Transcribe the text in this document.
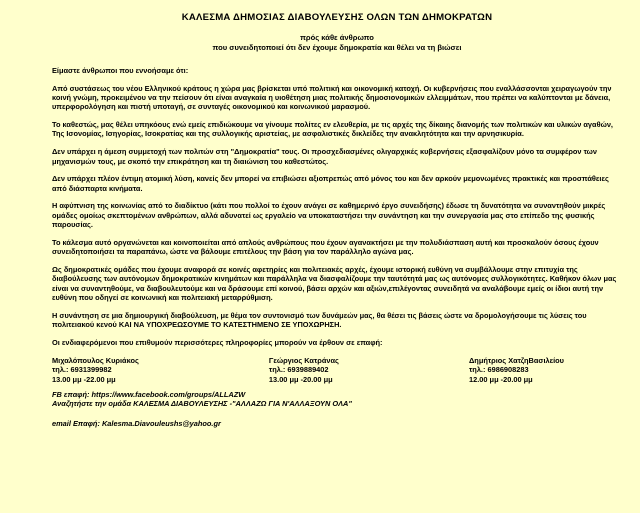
ΚΑΛΕΣΜΑ ΔΗΜΟΣΙΑΣ ΔΙΑΒΟΥΛΕΥΣΗΣ ΟΛΩΝ ΤΩΝ ΔΗΜΟΚΡΑΤΩΝ
πρός κάθε άνθρωπο
που συνειδητοποιεί ότι δεν έχουμε δημοκρατία και θέλει να τη βιώσει
Είμαστε άνθρωποι που εννοήσαμε ότι:
Από συστάσεως του νέου Ελληνικού κράτους η χώρα μας βρίσκεται υπό πολιτική και οικονομική κατοχή. Οι κυβερνήσεις που εναλλάσσονται χειραγωγούν την κοινή γνώμη, προκειμένου να την πείσουν ότι είναι αναγκαία η υιοθέτηση μιας πολιτικής δημοσιονομικών ελλειμμάτων, που πρέπει να καλύπτονται με δάνεια, υπερφορολόγηση και πιστή υποταγή, σε συνταγές οικονομικού και κοινωνικού μαρασμού.
Το καθεστώς, μας θέλει υπηκόους ενώ εμείς επιδιώκουμε να γίνουμε πολίτες εν ελευθερία, με τις αρχές της δίκαιης διανομής των πολιτικών και υλικών αγαθών, Της Ισονομίας, Ισηγορίας, Ισοκρατίας και της συλλογικής αριστείας, με ασφαλιστικές δικλείδες την ανακλητότητα και την αρνησικυρία.
Δεν υπάρχει η άμεση συμμετοχή των πολιτών στη "Δημοκρατία" τους. Οι προσχεδιασμένες ολιγαρχικές κυβερνήσεις εξασφαλίζουν μόνο τα συμφέρον των μηχανισμών τους, με σκοπό την επικράτηση και τη διαιώνιση του καθεστώτος.
Δεν υπάρχει πλέον έντιμη ατομική λύση, κανείς δεν μπορεί να επιβιώσει αξιοπρεπώς από μόνος του και δεν αρκούν μεμονωμένες πρακτικές και προσπάθειες από διάσπαρτα κινήματα.
Η αφύπνιση της κοινωνίας από το διαδίκτυο (κάτι που πολλοί το έχουν ανάγει σε καθημερινό έργο συνειδήσης) έδωσε τη δυνατότητα να συναντηθούν μικρές ομάδες ομοίως σκεπτομένων ανθρώπων, αλλά αδυνατεί ως εργαλείο να υποκαταστήσει την συνάντηση και την συνεργασία μας στο επίπεδο της φυσικής παρουσίας.
Το κάλεσμα αυτό οργανώνεται και κοινοποιείται από απλούς ανθρώπους που έχουν αγανακτήσει με την πολυδιάσπαση αυτή και προσκαλούν όσους έχουν συνειδητοποιήσει τα παραπάνω, ώστε να βάλουμε επιτέλους την βάση για τον παράλληλο αγώνα μας.
Ως δημοκρατικές ομάδες που έχουμε αναφορά σε κοινές αφετηρίες και πολιτειακές αρχές, έχουμε ιστορική ευθύνη να συμβάλλουμε στην επιτυχία της διαβούλευσης των αυτόνομων δημοκρατικών κινημάτων και παράλληλα να διασφαλίζουμε την ταυτότητά μας ως αυτόνομες συλλογικότητες. Καθήκον όλων μας είναι να συναντηθούμε, να διαβουλευτούμε και να δράσουμε επί κοινού, βάσει αρχών και αξιών,επιλέγοντας συνειδητά να αναλάβουμε εμείς οι ίδιοι αυτή την ευθύνη που οδηγεί σε κοινωνική και πολιτειακή μεταρρύθμιση.
Η συνάντηση σε μια δημιουργική διαβούλευση, με θέμα τον συντονισμό των δυνάμεών μας, θα θέσει τις βάσεις ώστε να δρομολογήσουμε τις λύσεις του πολιτειακού κενού ΚΑΙ ΝΑ ΥΠΟΧΡΕΩΣΟΥΜΕ ΤΟ ΚΑΤΕΣΤΗΜΕΝΟ ΣΕ ΥΠΟΧΩΡΗΣΗ.
Οι ενδιαφερόμενοι που επιθυμούν περισσότερες πληροφορίες μπορούν να έρθουν σε επαφή:
Μιχαλόπουλος Κυριάκος
τηλ.: 6931399982
13.00 μμ -22.00 μμ
Γεώργιος Κατράνας
τηλ.: 6939889402
13.00 μμ -20.00 μμ
Δημήτριος ΧατζηΒασιλείου
τηλ.: 6986908283
12.00 μμ -20.00 μμ
FB επαφή: https://www.facebook.com/groups/ALLAZW
Αναζητήστε την ομάδα ΚΑΛΕΣΜΑ ΔΙΑΒΟΥΛΕΥΣΗΣ -"ΑΛΛΑΖΩ ΓΙΑ Ν'ΑΛΛΑΞΟΥΝ ΟΛΑ"
email Επαφή: Kalesma.Diavouleushs@yahoo.gr
